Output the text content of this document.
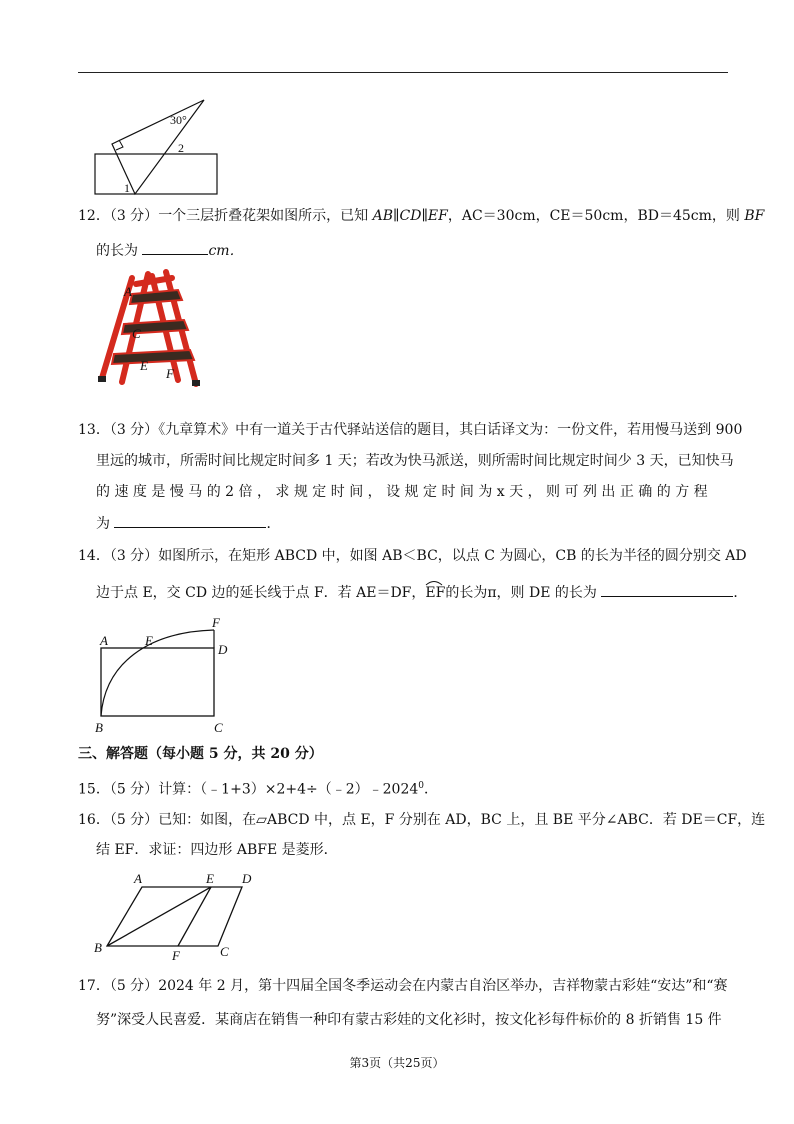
30°
2
1
12．（3 分）一个三层折叠花架如图所示，已知 AB∥CD∥EF，AC＝30cm，CE＝50cm，BD＝45cm，则 BF
的长为	cm．
A
C
E
F
13．（3 分）《九章算术》中有一道关于古代驿站送信的题目，其白话译文为：一份文件，若用慢马送到 900
里远的城市，所需时间比规定时间多 1 天；若改为快马派送，则所需时间比规定时间少 3 天，已知快马
的 速 度 是 慢 马 的 2 倍 ， 求 规 定 时 间 ， 设 规 定 时 间 为 x 天 ， 则 可 列 出 正 确 的 方 程
为	．
14．（3 分）如图所示，在矩形 ABCD 中，如图 AB＜BC，以点 C 为圆心，CB 的长为半径的圆分别交 AD
边于点 E，交 CD 边的延长线于点 F．若 AE＝DF，
EF的长为π，则 DE 的长为	．
A	E
F
D
B	C
三、解答题（每小题 5 分，共 20 分）
15．（5 分）计算：$(﹣1+3)\times 2+4\div(﹣2)﹣2024^0$．
16．（5 分）已知：如图，在▱ABCD 中，点 E，F 分别在 AD，BC 上，且 BE 平分∠ABC．若 DE＝CF，连
结 EF．求证：四边形 ABFE 是菱形．
A	E D
B
F	C
17．（5 分）2024 年 2 月，第十四届全国冬季运动会在内蒙古自治区举办，吉祥物蒙古彩娃“安达”和“赛
努”深受人民喜爱．某商店在销售一种印有蒙古彩娃的文化衫时，按文化衫每件标价的 8 折销售 15 件
第3页（共25页）
